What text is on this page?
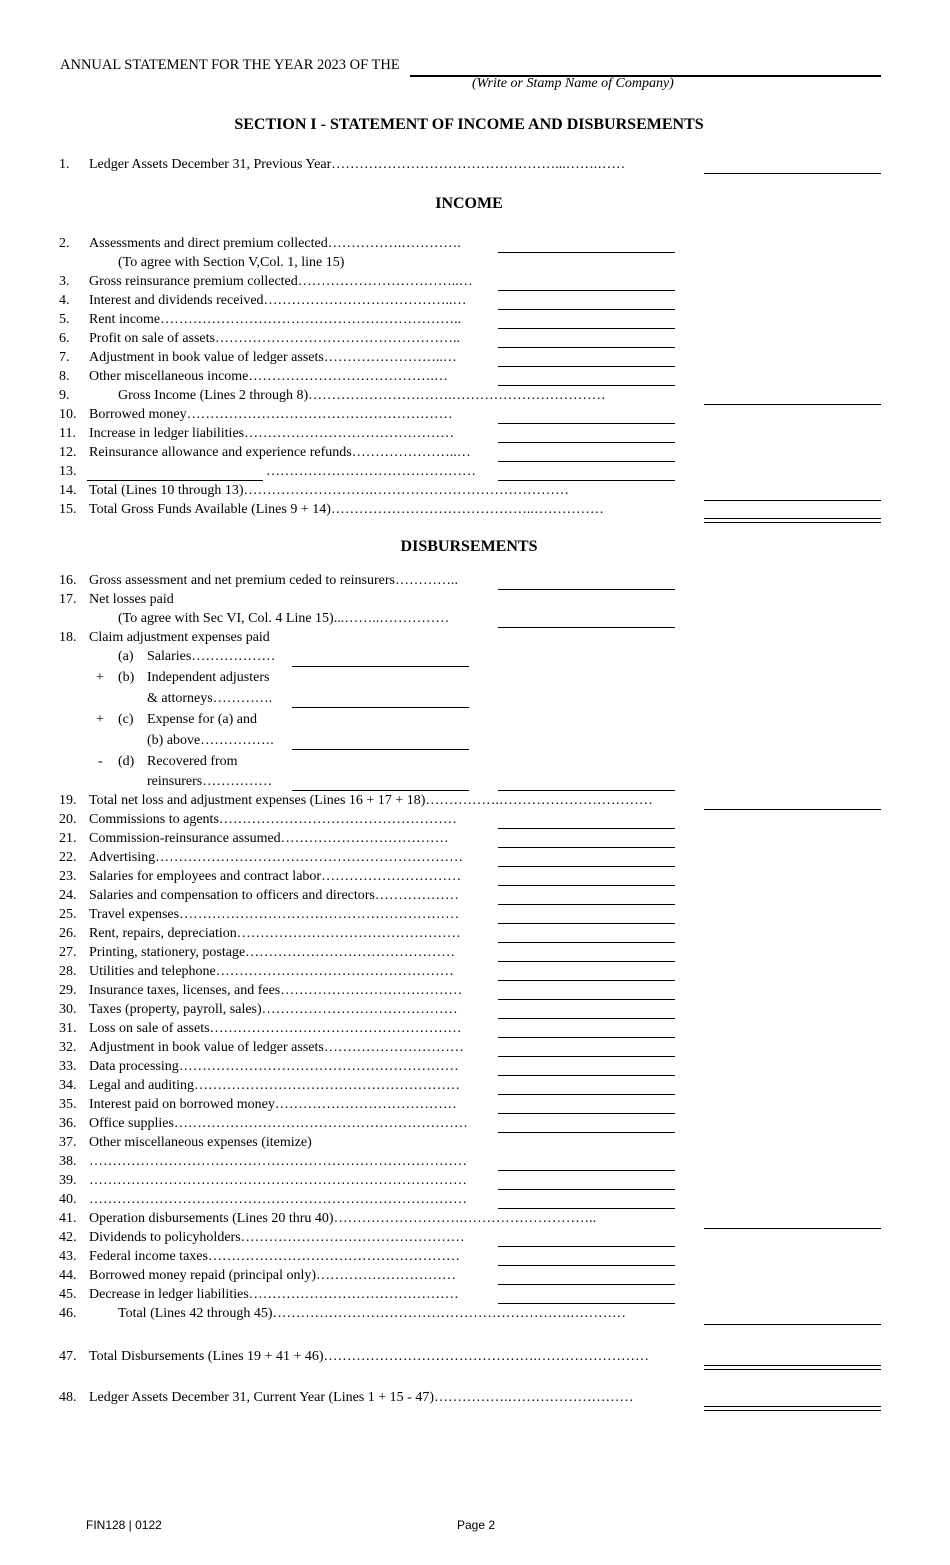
ANNUAL STATEMENT FOR THE YEAR 2023 OF THE
(Write or Stamp Name of Company)
SECTION I - STATEMENT OF INCOME AND DISBURSEMENTS
1. Ledger Assets December 31, Previous Year…………………………………………...…….……
INCOME
2. Assessments and direct premium collected…………….………….
(To agree with Section V,Col. 1, line 15)
3. Gross reinsurance premium collected……………………………..…
4. Interest and dividends received…………………………………..…
5. Rent income………………………………………………………..
6. Profit on sale of assets……………………………………………..
7. Adjustment in book value of ledger assets……………………..…
8. Other miscellaneous income………………………………….…
9.	Gross Income (Lines 2 through 8)………………………….……………………………
10. Borrowed money…………………………………………………
11. Increase in ledger liabilities………………………………………
12. Reinsurance allowance and experience refunds…………………..…
13.	………………………………………
14. Total (Lines 10 through 13)……………………….……………………………………
15. Total Gross Funds Available (Lines 9 + 14)……………………………………..……………
DISBURSEMENTS
16. Gross assessment and net premium ceded to reinsurers…………..
17. Net losses paid
(To agree with Sec VI, Col. 4 Line 15)...……..……………
18. Claim adjustment expenses paid
(a) Salaries………………
+ (b) Independent adjusters
& attorneys………….
+ (c) Expense for (a) and
(b) above…………….
- (d) Recovered from
reinsurers……………
19. Total net loss and adjustment expenses (Lines 16 + 17 + 18)…………….……………………………
20. Commissions to agents……………………………………………
21. Commission-reinsurance assumed………………………………
22. Advertising…………………………………………………………
23. Salaries for employees and contract labor…………………………
24. Salaries and compensation to officers and directors………………
25. Travel expenses……………………………………………………
26. Rent, repairs, depreciation…………………………………………
27. Printing, stationery, postage………………………………………
28. Utilities and telephone……………………………………………
29. Insurance taxes, licenses, and fees…………………………………
30. Taxes (property, payroll, sales)……………………………………
31. Loss on sale of assets………………………………………………
32. Adjustment in book value of ledger assets…………………………
33. Data processing……………………………………………………
34. Legal and auditing…………………………………………………
35. Interest paid on borrowed money…………………………………
36. Office supplies………………………………………………………
37. Other miscellaneous expenses (itemize)
38. ………………………………………………………………………
39. ………………………………………………………………………
40. ………………………………………………………………………
41. Operation disbursements (Lines 20 thru 40)……………………….………………………..
42. Dividends to policyholders…………………………………………
43. Federal income taxes………………………………………………
44. Borrowed money repaid (principal only)…………………………
45. Decrease in ledger liabilities………………………………………
46.	Total (Lines 42 through 45)……………………………………………………….…………
47. Total Disbursements (Lines 19 + 41 + 46)……………………………………….……………………
48. Ledger Assets December 31, Current Year (Lines 1 + 15 - 47)…………….………………………
FIN128 | 0122	Page 2
